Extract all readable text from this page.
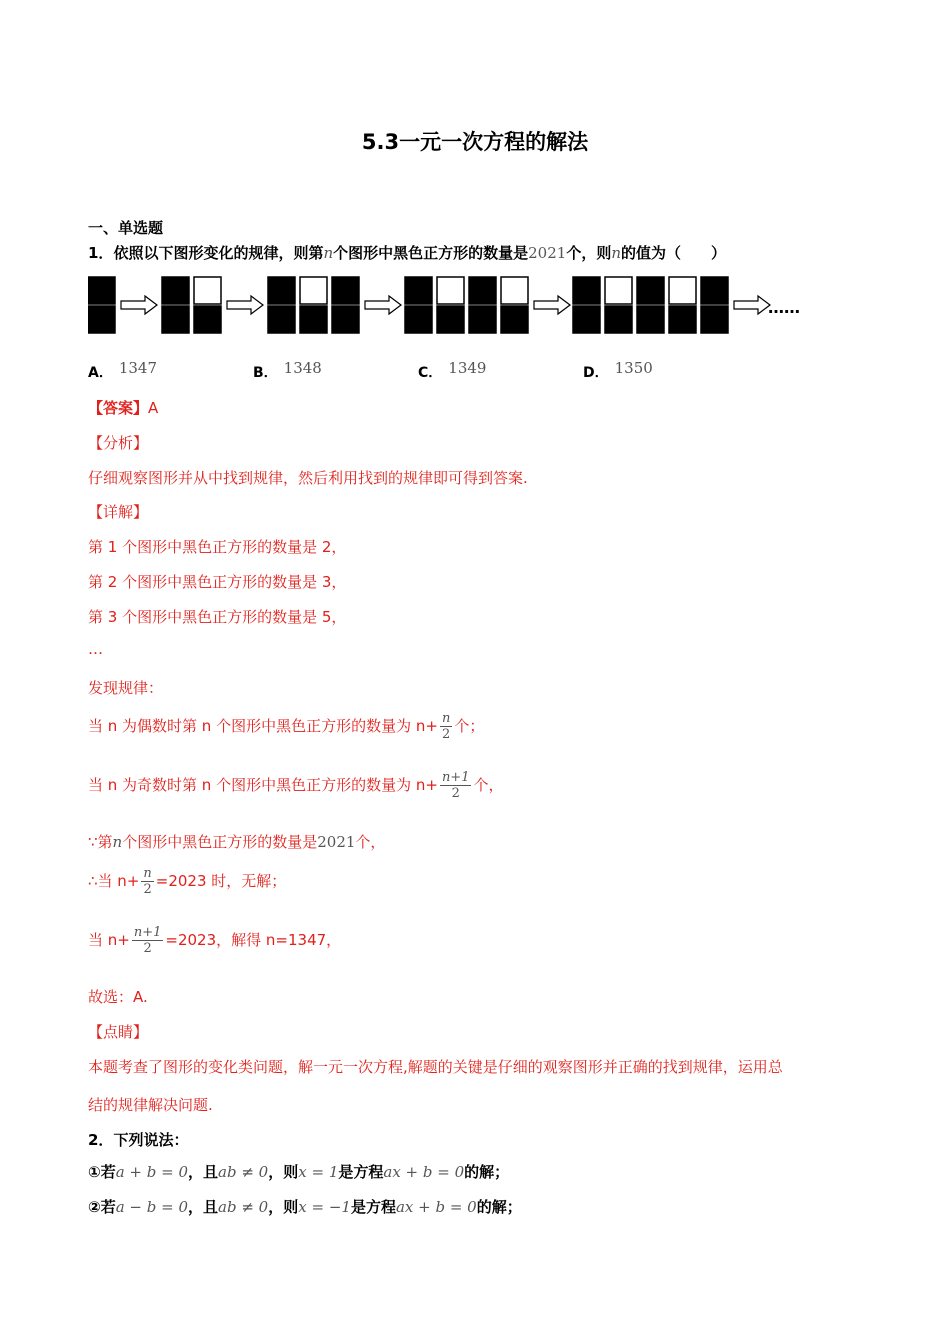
5.3一元一次方程的解法
一、单选题
1．依照以下图形变化的规律，则第n个图形中黑色正方形的数量是2021个，则n的值为（　　）
……
A． 1347	B． 1348	C． 1349	D． 1350
【答案】A
【分析】
仔细观察图形并从中找到规律，然后利用找到的规律即可得到答案.
【详解】
第 1 个图形中黑色正方形的数量是 2，
第 2 个图形中黑色正方形的数量是 3，
第 3 个图形中黑色正方形的数量是 5，
…
发现规律：
当 n 为偶数时第 n 个图形中黑色正方形的数量为 $n+ \frac{n}{2}$ 个；
当 n 为奇数时第 n 个图形中黑色正方形的数量为 $n+ \frac{n+1}{2}$ 个，
∵第n个图形中黑色正方形的数量是2021个，
∴当 $n+ \frac{n}{2} =2023$ 时，无解；
当 $n+ \frac{n+1}{2} =2023$，解得 n=1347，
故选：A.
【点睛】
本题考查了图形的变化类问题，解一元一次方程,解题的关键是仔细的观察图形并正确的找到规律，运用总
结的规律解决问题.
2．下列说法：
①若a + b = 0，且ab ≠ 0，则x = 1是方程ax + b = 0的解；
②若a − b = 0，且ab ≠ 0，则x = −1是方程ax + b = 0的解；
